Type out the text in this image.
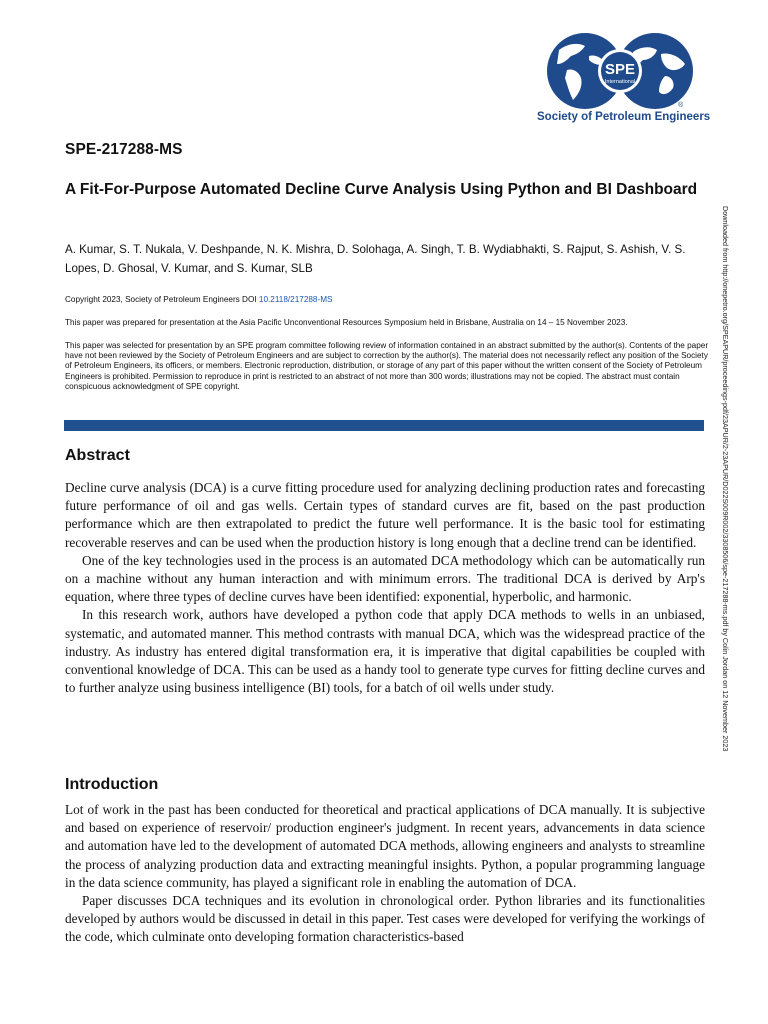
SPE
International
®
Society of Petroleum Engineers
SPE-217288-MS
A Fit-For-Purpose Automated Decline Curve Analysis Using Python and BI Dashboard
A. Kumar, S. T. Nukala, V. Deshpande, N. K. Mishra, D. Solohaga, A. Singh, T. B. Wydiabhakti, S. Rajput, S. Ashish, V. S. Lopes, D. Ghosal, V. Kumar, and S. Kumar, SLB
Copyright 2023, Society of Petroleum Engineers DOI 10.2118/217288-MS
This paper was prepared for presentation at the Asia Pacific Unconventional Resources Symposium held in Brisbane, Australia on 14 – 15 November 2023.
This paper was selected for presentation by an SPE program committee following review of information contained in an abstract submitted by the author(s). Contents of the paper have not been reviewed by the Society of Petroleum Engineers and are subject to correction by the author(s). The material does not necessarily reflect any position of the Society of Petroleum Engineers, its officers, or members. Electronic reproduction, distribution, or storage of any part of this paper without the written consent of the Society of Petroleum Engineers is prohibited. Permission to reproduce in print is restricted to an abstract of not more than 300 words; illustrations may not be copied. The abstract must contain conspicuous acknowledgment of SPE copyright.
Abstract

Decline curve analysis (DCA) is a curve fitting procedure used for analyzing declining production rates and forecasting future performance of oil and gas wells. Certain types of standard curves are fit, based on the past production performance which are then extrapolated to predict the future well performance. It is the basic tool for estimating recoverable reserves and can be used when the production history is long enough that a decline trend can be identified.

One of the key technologies used in the process is an automated DCA methodology which can be automatically run on a machine without any human interaction and with minimum errors. The traditional DCA is derived by Arp's equation, where three types of decline curves have been identified: exponential, hyperbolic, and harmonic.

In this research work, authors have developed a python code that apply DCA methods to wells in an unbiased, systematic, and automated manner. This method contrasts with manual DCA, which was the widespread practice of the industry. As industry has entered digital transformation era, it is imperative that digital capabilities be coupled with conventional knowledge of DCA. This can be used as a handy tool to generate type curves for fitting decline curves and to further analyze using business intelligence (BI) tools, for a batch of oil wells under study.

Introduction

Lot of work in the past has been conducted for theoretical and practical applications of DCA manually. It is subjective and based on experience of reservoir/ production engineer's judgment. In recent years, advancements in data science and automation have led to the development of automated DCA methods, allowing engineers and analysts to streamline the process of analyzing production data and extracting meaningful insights. Python, a popular programming language in the data science community, has played a significant role in enabling the automation of DCA.

Paper discusses DCA techniques and its evolution in chronological order. Python libraries and its functionalities developed by authors would be discussed in detail in this paper. Test cases were developed for verifying the workings of the code, which culminate onto developing formation characteristics-based

Downloaded from http://onepetro.org/SPEAPUR/proceedings-pdf/23APUR/2-23APUR/D022S009R002/3308506/spe-217288-ms.pdf by Colin Jordan on 12 November 2023
